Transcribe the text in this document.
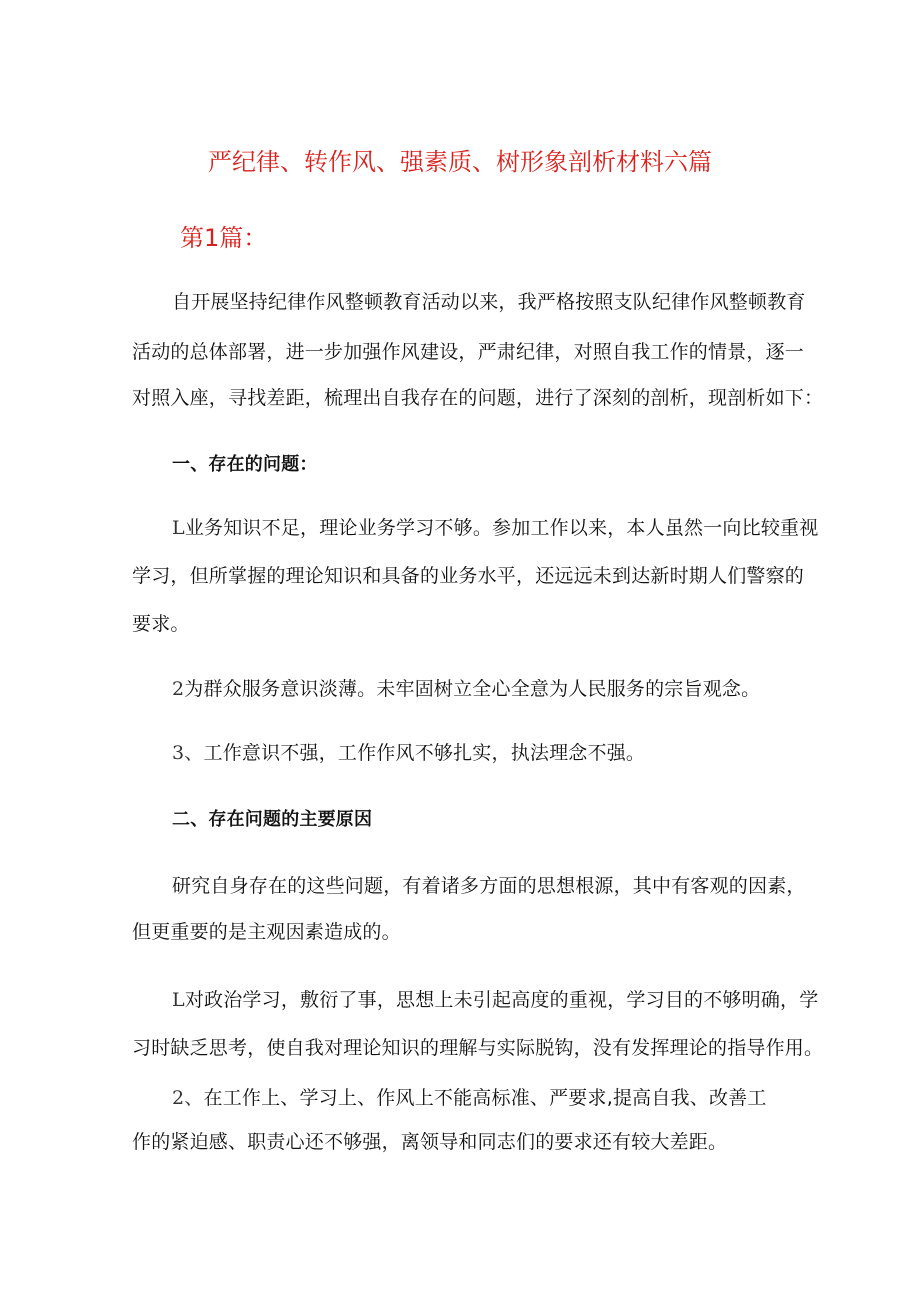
严纪律、转作风、强素质、树形象剖析材料六篇
第1篇：
自开展坚持纪律作风整顿教育活动以来，我严格按照支队纪律作风整顿教育
活动的总体部署，进一步加强作风建设，严肃纪律，对照自我工作的情景，逐一
对照入座，寻找差距，梳理出自我存在的问题，进行了深刻的剖析，现剖析如下：
一、存在的问题：
L业务知识不足，理论业务学习不够。参加工作以来，本人虽然一向比较重视
学习，但所掌握的理论知识和具备的业务水平，还远远未到达新时期人们警察的
要求。
2为群众服务意识淡薄。未牢固树立全心全意为人民服务的宗旨观念。
3、工作意识不强，工作作风不够扎实，执法理念不强。
二、存在问题的主要原因
研究自身存在的这些问题，有着诸多方面的思想根源，其中有客观的因素，
但更重要的是主观因素造成的。
L对政治学习，敷衍了事，思想上未引起高度的重视，学习目的不够明确，学
习时缺乏思考，使自我对理论知识的理解与实际脱钩，没有发挥理论的指导作用。
2、在工作上、学习上、作风上不能高标准、严要求,提高自我、改善工
作的紧迫感、职责心还不够强，离领导和同志们的要求还有较大差距。
